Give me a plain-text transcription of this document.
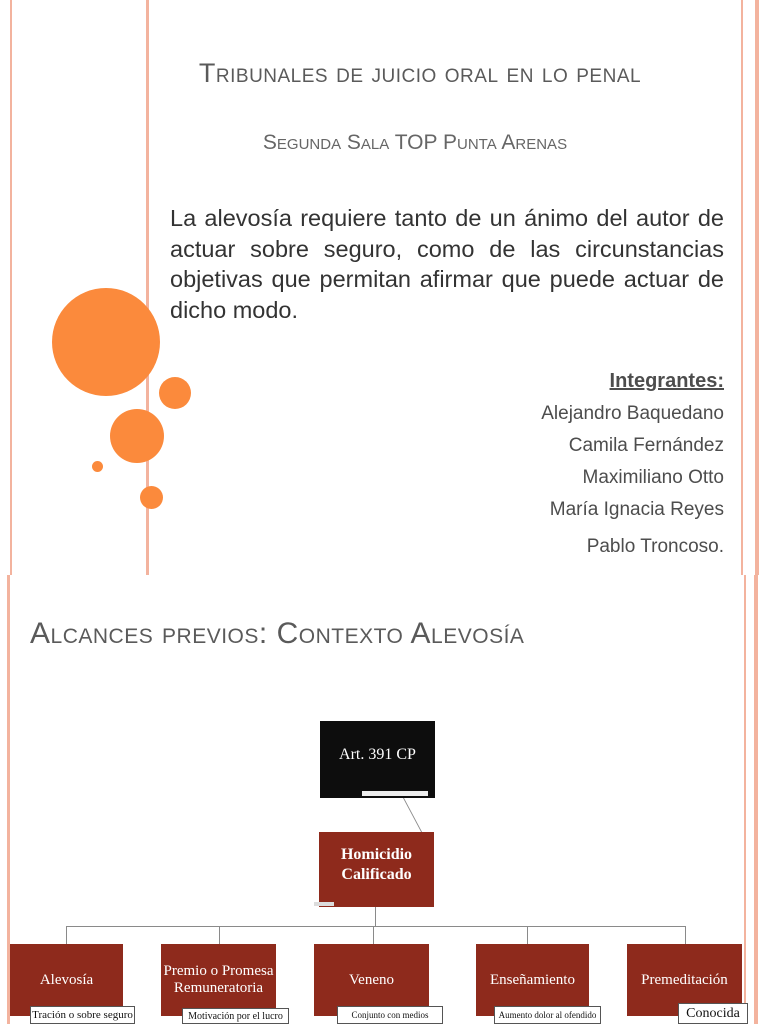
Tribunales de juicio oral en lo penal
Segunda Sala TOP Punta Arenas
La alevosía requiere tanto de un ánimo del autor de actuar sobre seguro, como de las circunstancias objetivas que permitan afirmar que puede actuar de dicho modo.
Integrantes:
Alejandro Baquedano
Camila Fernández
Maximiliano Otto
María Ignacia Reyes
Pablo Troncoso.
Alcances previos: Contexto Alevosía
Art. 391 CP
Homicidio Calificado
Alevosía
Tración o sobre seguro
Premio o Promesa Remuneratoria
Motivación por el lucro
Veneno
Conjunto con medios
Enseñamiento
Aumento dolor al ofendido
Premeditación
Conocida
